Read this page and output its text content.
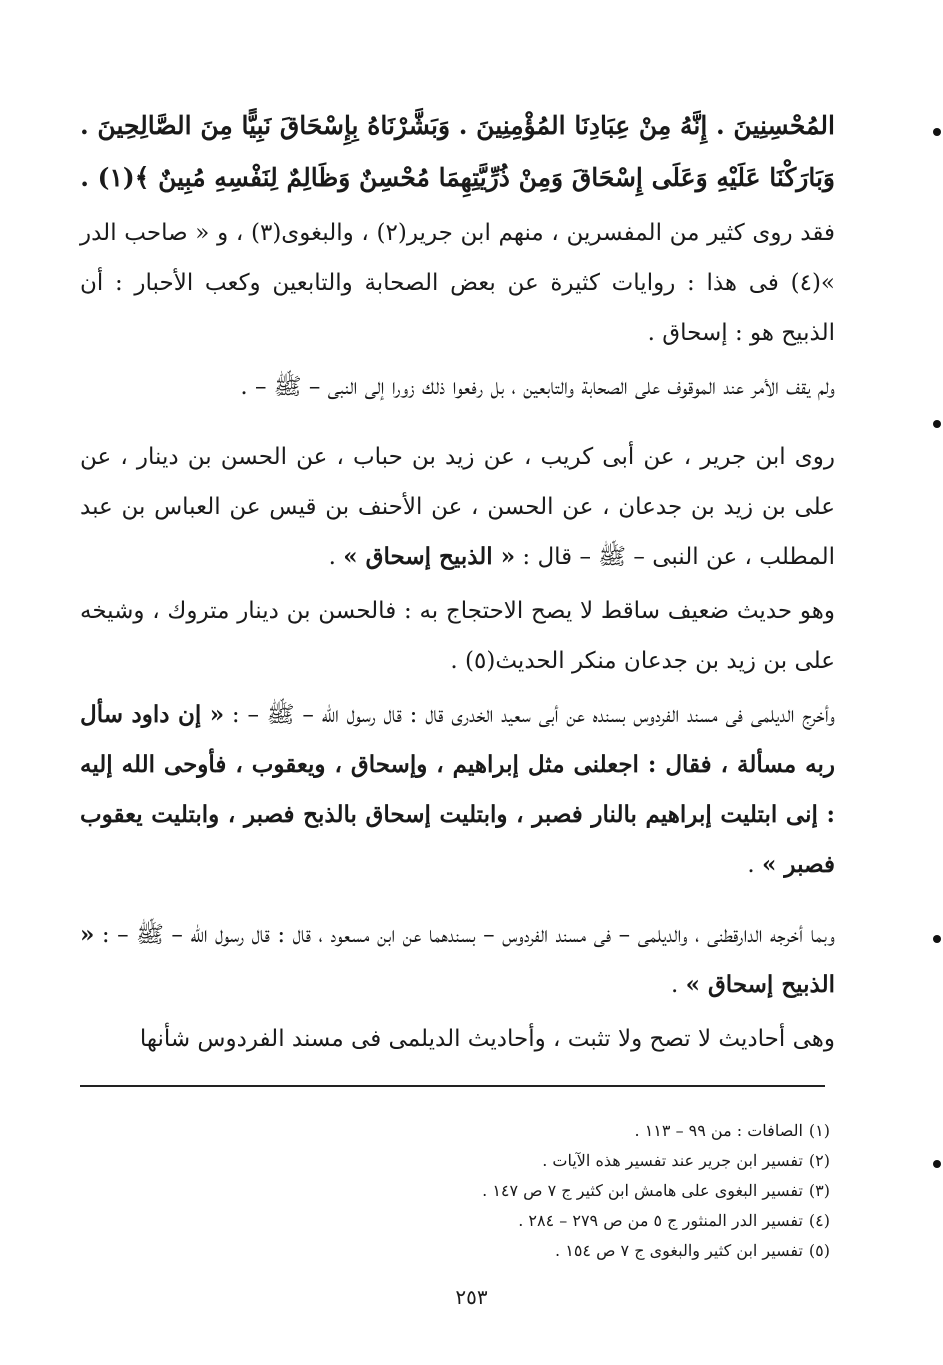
المُحْسِنِينَ . إِنَّهُ مِنْ عِبَادِنَا المُؤْمِنِينَ . وَبَشَّرْنَاهُ بِإِسْحَاقَ نَبِيًّا مِنَ الصَّالِحِينَ . وَبَارَكْنَا عَلَيْهِ وَعَلَى إِسْحَاقَ وَمِنْ ذُرِّيَّتِهِمَا مُحْسِنٌ وَظَالِمٌ لِنَفْسِهِ مُبِينٌ ﴾(١) .

فقد روى كثير من المفسرين ، منهم ابن جرير(٢) ، والبغوى(٣) ، و « صاحب الدر »(٤) فى هذا : روايات كثيرة عن بعض الصحابة والتابعين وكعب الأحبار : أن الذبيح هو : إسحاق .

ولم يقف الأمر عند الموقوف على الصحابة والتابعين ، بل رفعوا ذلك زورا إلى النبى – ﷺ – .

روى ابن جرير ، عن أبى كريب ، عن زيد بن حباب ، عن الحسن بن دينار ، عن على بن زيد بن جدعان ، عن الحسن ، عن الأحنف بن قيس عن العباس بن عبد المطلب ، عن النبى – ﷺ – قال : « الذبيح إسحاق » .

وهو حديث ضعيف ساقط لا يصح الاحتجاج به : فالحسن بن دينار متروك ، وشيخه على بن زيد بن جدعان منكر الحديث(٥) .

وأخرج الديلمى فى مسند الفردوس بسنده عن أبى سعيد الخدرى قال : قال رسول الله – ﷺ – : « إن داود سأل ربه مسألة ، فقال : اجعلنى مثل إبراهيم ، وإسحاق ، ويعقوب ، فأوحى الله إليه : إنى ابتليت إبراهيم بالنار فصبر ، وابتليت إسحاق بالذبح فصبر ، وابتليت يعقوب فصبر » .

وبما أخرجه الدارقطنى ، والديلمى – فى مسند الفردوس – بسندهما عن ابن مسعود ، قال : قال رسول الله – ﷺ – : « الذبيح إسحاق » .

وهى أحاديث لا تصح ولا تثبت ، وأحاديث الديلمى فى مسند الفردوس شأنها

(١)
الصافات : من ٩٩ – ١١٣ .
(٢)
تفسير ابن جرير عند تفسير هذه الآيات .
(٣)
تفسير البغوى على هامش ابن كثير ج ٧ ص ١٤٧ .
(٤)
تفسير الدر المنثور ج ٥ من ص ٢٧٩ – ٢٨٤ .
(٥)
تفسير ابن كثير والبغوى ج ٧ ص ١٥٤ .
٢٥٣
